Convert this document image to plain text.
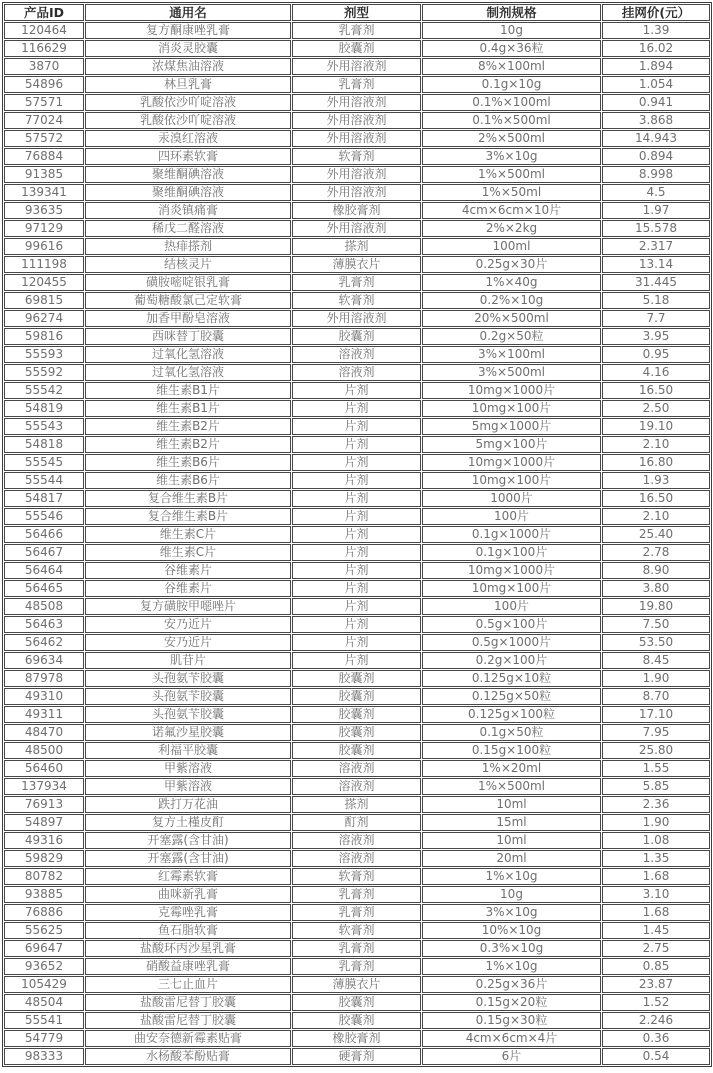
产品ID	通用名	剂型	制剂规格	挂网价(元）
120464	复方酮康唑乳膏	乳膏剂	10g	1.39
116629	消炎灵胶囊	胶囊剂	0.4g×36粒	16.02
3870	浓煤焦油溶液	外用溶液剂	8%×100ml	1.894
54896	林旦乳膏	乳膏剂	0.1g×10g	1.054
57571	乳酸依沙吖啶溶液	外用溶液剂	0.1%×100ml	0.941
77024	乳酸依沙吖啶溶液	外用溶液剂	0.1%×500ml	3.868
57572	汞溴红溶液	外用溶液剂	2%×500ml	14.943
76884	四环素软膏	软膏剂	3%×10g	0.894
91385	聚维酮碘溶液	外用溶液剂	1%×500ml	8.998
139341	聚维酮碘溶液	外用溶液剂	1%×50ml	4.5
93635	消炎镇痛膏	橡胶膏剂	4cm×6cm×10片	1.97
97129	稀戊二醛溶液	外用溶液剂	2%×2kg	15.578
99616	热痱搽剂	搽剂	100ml	2.317
111198	结核灵片	薄膜衣片	0.25g×30片	13.14
120455	磺胺嘧啶银乳膏	乳膏剂	1%×40g	31.445
69815	葡萄糖酸氯己定软膏	软膏剂	0.2%×10g	5.18
96274	加香甲酚皂溶液	外用溶液剂	20%×500ml	7.7
59816	西咪替丁胶囊	胶囊剂	0.2g×50粒	3.95
55593	过氧化氢溶液	溶液剂	3%×100ml	0.95
55592	过氧化氢溶液	溶液剂	3%×500ml	4.16
55542	维生素B1片	片剂	10mg×1000片	16.50
54819	维生素B1片	片剂	10mg×100片	2.50
55543	维生素B2片	片剂	5mg×1000片	19.10
54818	维生素B2片	片剂	5mg×100片	2.10
55545	维生素B6片	片剂	10mg×1000片	16.80
55544	维生素B6片	片剂	10mg×100片	1.93
54817	复合维生素B片	片剂	1000片	16.50
55546	复合维生素B片	片剂	100片	2.10
56466	维生素C片	片剂	0.1g×1000片	25.40
56467	维生素C片	片剂	0.1g×100片	2.78
56464	谷维素片	片剂	10mg×1000片	8.90
56465	谷维素片	片剂	10mg×100片	3.80
48508	复方磺胺甲噁唑片	片剂	100片	19.80
56463	安乃近片	片剂	0.5g×100片	7.50
56462	安乃近片	片剂	0.5g×1000片	53.50
69634	肌苷片	片剂	0.2g×100片	8.45
87978	头孢氨苄胶囊	胶囊剂	0.125g×10粒	1.90
49310	头孢氨苄胶囊	胶囊剂	0.125g×50粒	8.70
49311	头孢氨苄胶囊	胶囊剂	0.125g×100粒	17.10
48470	诺氟沙星胶囊	胶囊剂	0.1g×50粒	7.95
48500	利福平胶囊	胶囊剂	0.15g×100粒	25.80
56460	甲紫溶液	溶液剂	1%×20ml	1.55
137934	甲紫溶液	溶液剂	1%×500ml	5.85
76913	跌打万花油	搽剂	10ml	2.36
54897	复方土槿皮酊	酊剂	15ml	1.90
49316	开塞露(含甘油)	溶液剂	10ml	1.08
59829	开塞露(含甘油)	溶液剂	20ml	1.35
80782	红霉素软膏	软膏剂	1%×10g	1.68
93885	曲咪新乳膏	乳膏剂	10g	3.10
76886	克霉唑乳膏	乳膏剂	3%×10g	1.68
55625	鱼石脂软膏	软膏剂	10%×10g	1.45
69647	盐酸环丙沙星乳膏	乳膏剂	0.3%×10g	2.75
93652	硝酸益康唑乳膏	乳膏剂	1%×10g	0.85
105429	三七止血片	薄膜衣片	0.25g×36片	23.87
48504	盐酸雷尼替丁胶囊	胶囊剂	0.15g×20粒	1.52
55541	盐酸雷尼替丁胶囊	胶囊剂	0.15g×30粒	2.246
54779	曲安奈德新霉素贴膏	橡胶膏剂	4cm×6cm×4片	0.36
98333	水杨酸苯酚贴膏	硬膏剂	6片	0.54
